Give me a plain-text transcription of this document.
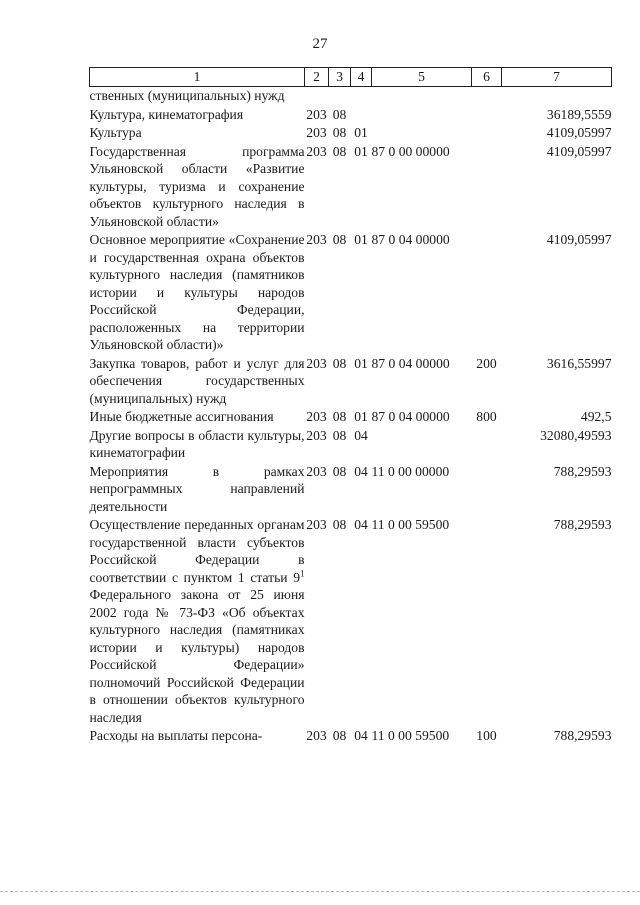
27
1	2	3	4	5	6	7
ственных (муниципальных) нужд						
Культура, кинематография	203	08				36189,5559
Культура	203	08	01			4109,05997
Государственная программа Ульяновской области «Развитие культуры, туризма и сохранение объектов культурного наследия в Ульяновской области»	203	08	01	87 0 00 00000		4109,05997
Основное мероприятие «Сохранение и государственная охрана объектов культурного наследия (памятников истории и культуры народов Российской Федерации, расположенных на территории Ульяновской области)»	203	08	01	87 0 04 00000		4109,05997
Закупка товаров, работ и услуг для обеспечения государственных (муниципальных) нужд	203	08	01	87 0 04 00000	200	3616,55997
Иные бюджетные ассигнования	203	08	01	87 0 04 00000	800	492,5
Другие вопросы в области культуры, кинематографии	203	08	04			32080,49593
Мероприятия в рамках непрограммных направлений деятельности	203	08	04	11 0 00 00000		788,29593
Осуществление переданных органам государственной власти субъектов Российской Федерации в соответствии с пунктом 1 статьи $9^1$ Федерального закона от 25 июня 2002 года № 73-ФЗ «Об объектах культурного наследия (памятниках истории и культуры) народов Российской Федерации» полномочий Российской Федерации в отношении объектов культурного наследия	203	08	04	11 0 00 59500		788,29593
Расходы на выплаты персона-	203	08	04	11 0 00 59500	100	788,29593
